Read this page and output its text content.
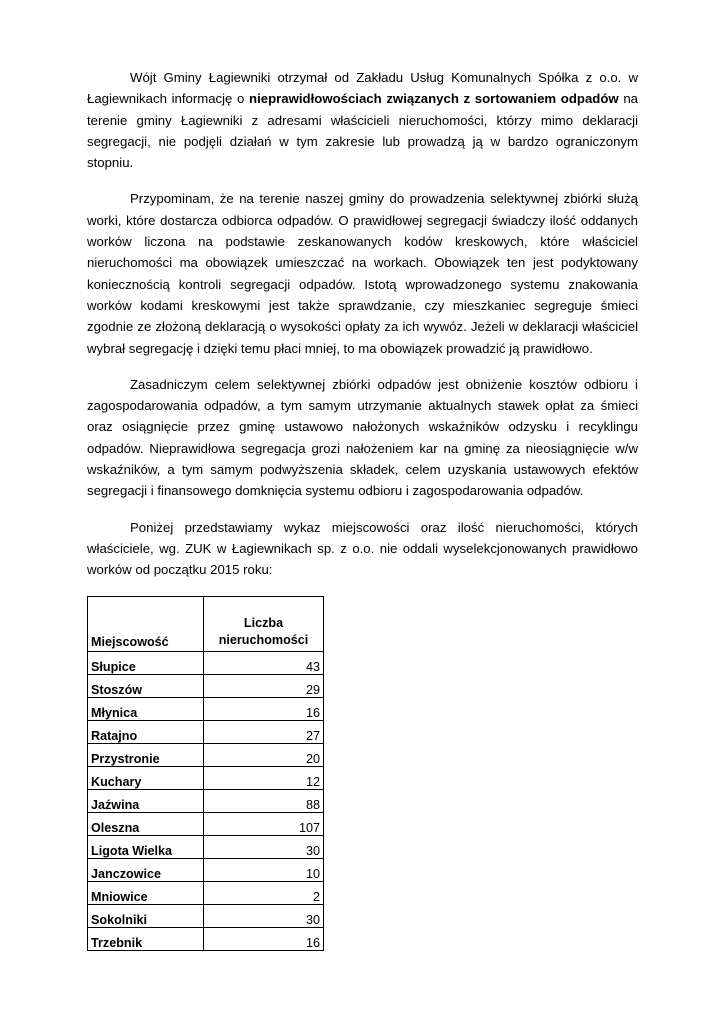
Wójt Gminy Łagiewniki otrzymał od Zakładu Usług Komunalnych Spółka z o.o. w Łagiewnikach informację o nieprawidłowościach związanych z sortowaniem odpadów na terenie gminy Łagiewniki z adresami właścicieli nieruchomości, którzy mimo deklaracji segregacji, nie podjęli działań w tym zakresie lub prowadzą ją w bardzo ograniczonym stopniu.

Przypominam, że na terenie naszej gminy do prowadzenia selektywnej zbiórki służą worki, które dostarcza odbiorca odpadów. O prawidłowej segregacji świadczy ilość oddanych worków liczona na podstawie zeskanowanych kodów kreskowych, które właściciel nieruchomości ma obowiązek umieszczać na workach. Obowiązek ten jest podyktowany koniecznością kontroli segregacji odpadów. Istotą wprowadzonego systemu znakowania worków kodami kreskowymi jest także sprawdzanie, czy mieszkaniec segreguje śmieci zgodnie ze złożoną deklaracją o wysokości opłaty za ich wywóz. Jeżeli w deklaracji właściciel wybrał segregację i dzięki temu płaci mniej, to ma obowiązek prowadzić ją prawidłowo.

Zasadniczym celem selektywnej zbiórki odpadów jest obniżenie kosztów odbioru i zagospodarowania odpadów, a tym samym utrzymanie aktualnych stawek opłat za śmieci oraz osiągnięcie przez gminę ustawowo nałożonych wskaźników odzysku i recyklingu odpadów. Nieprawidłowa segregacja grozi nałożeniem kar na gminę za nieosiągnięcie w/w wskaźników, a tym samym podwyższenia składek, celem uzyskania ustawowych efektów segregacji i finansowego domknięcia systemu odbioru i zagospodarowania odpadów.

Poniżej przedstawiamy wykaz miejscowości oraz ilość nieruchomości, których właściciele, wg. ZUK w Łagiewnikach sp. z o.o. nie oddali wyselekcjonowanych prawidłowo worków od początku 2015 roku:

Miejscowość	Liczba
nieruchomości
Słupice	43
Stoszów	29
Młynica	16
Ratajno	27
Przystronie	20
Kuchary	12
Jaźwina	88
Oleszna	107
Ligota Wielka	30
Janczowice	10
Mniowice	2
Sokolniki	30
Trzebnik	16
